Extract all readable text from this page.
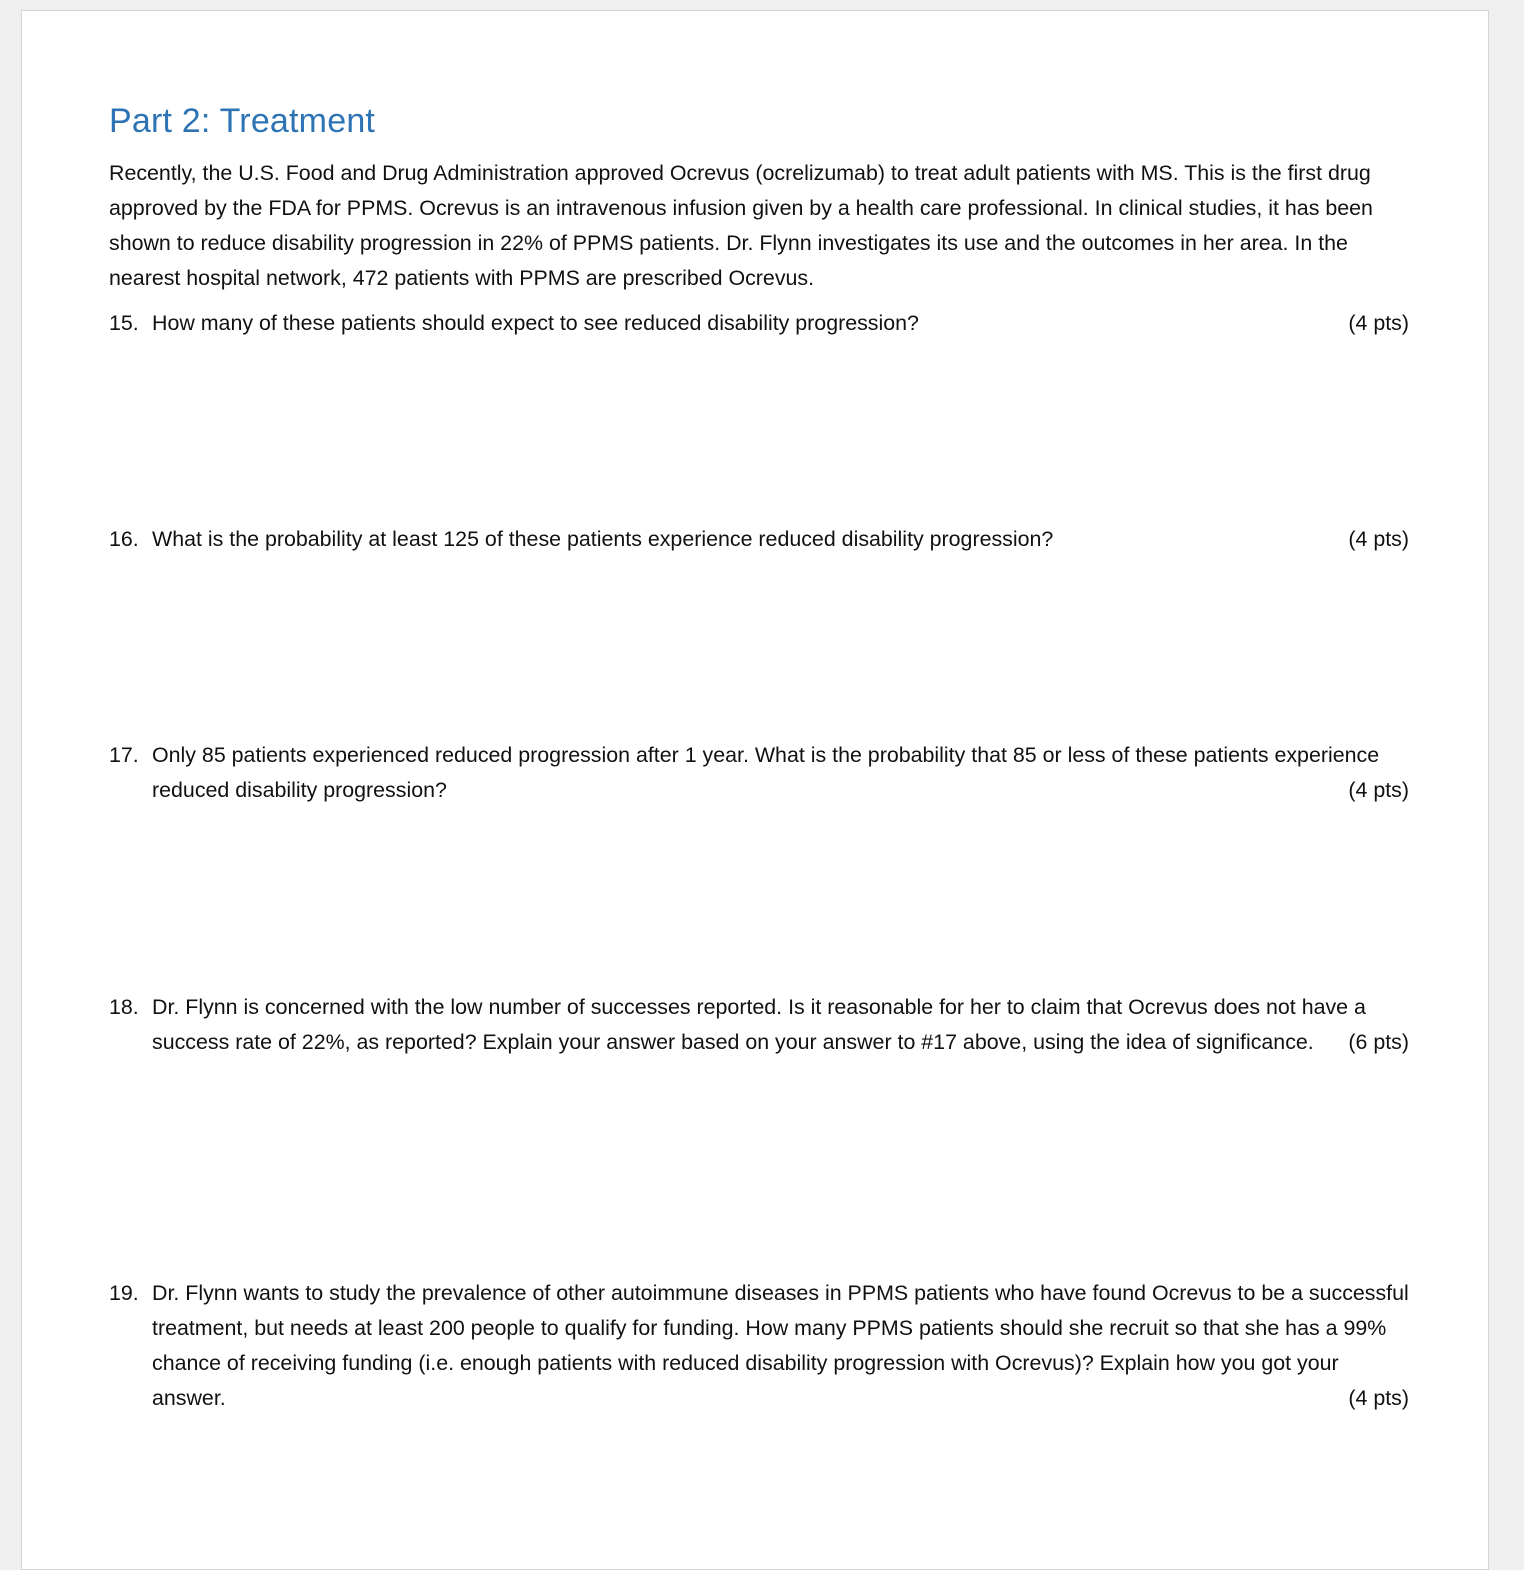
Part 2: Treatment

Recently, the U.S. Food and Drug Administration approved Ocrevus (ocrelizumab) to treat adult patients with MS. This is the first drug approved by the FDA for PPMS. Ocrevus is an intravenous infusion given by a health care professional. In clinical studies, it has been shown to reduce disability progression in 22% of PPMS patients. Dr. Flynn investigates its use and the outcomes in her area. In the nearest hospital network, 472 patients with PPMS are prescribed Ocrevus.

15. How many of these patients should expect to see reduced disability progression?	(4 pts)
16. What is the probability at least 125 of these patients experience reduced disability progression?	(4 pts)
17. Only 85 patients experienced reduced progression after 1 year. What is the probability that 85 or less of these patients experience reduced disability progression?	(4 pts)
18. Dr. Flynn is concerned with the low number of successes reported. Is it reasonable for her to claim that Ocrevus does not have a success rate of 22%, as reported? Explain your answer based on your answer to #17 above, using the idea of significance.	(6 pts)
19. Dr. Flynn wants to study the prevalence of other autoimmune diseases in PPMS patients who have found Ocrevus to be a successful treatment, but needs at least 200 people to qualify for funding. How many PPMS patients should she recruit so that she has a 99% chance of receiving funding (i.e. enough patients with reduced disability progression with Ocrevus)? Explain how you got your answer.	(4 pts)
